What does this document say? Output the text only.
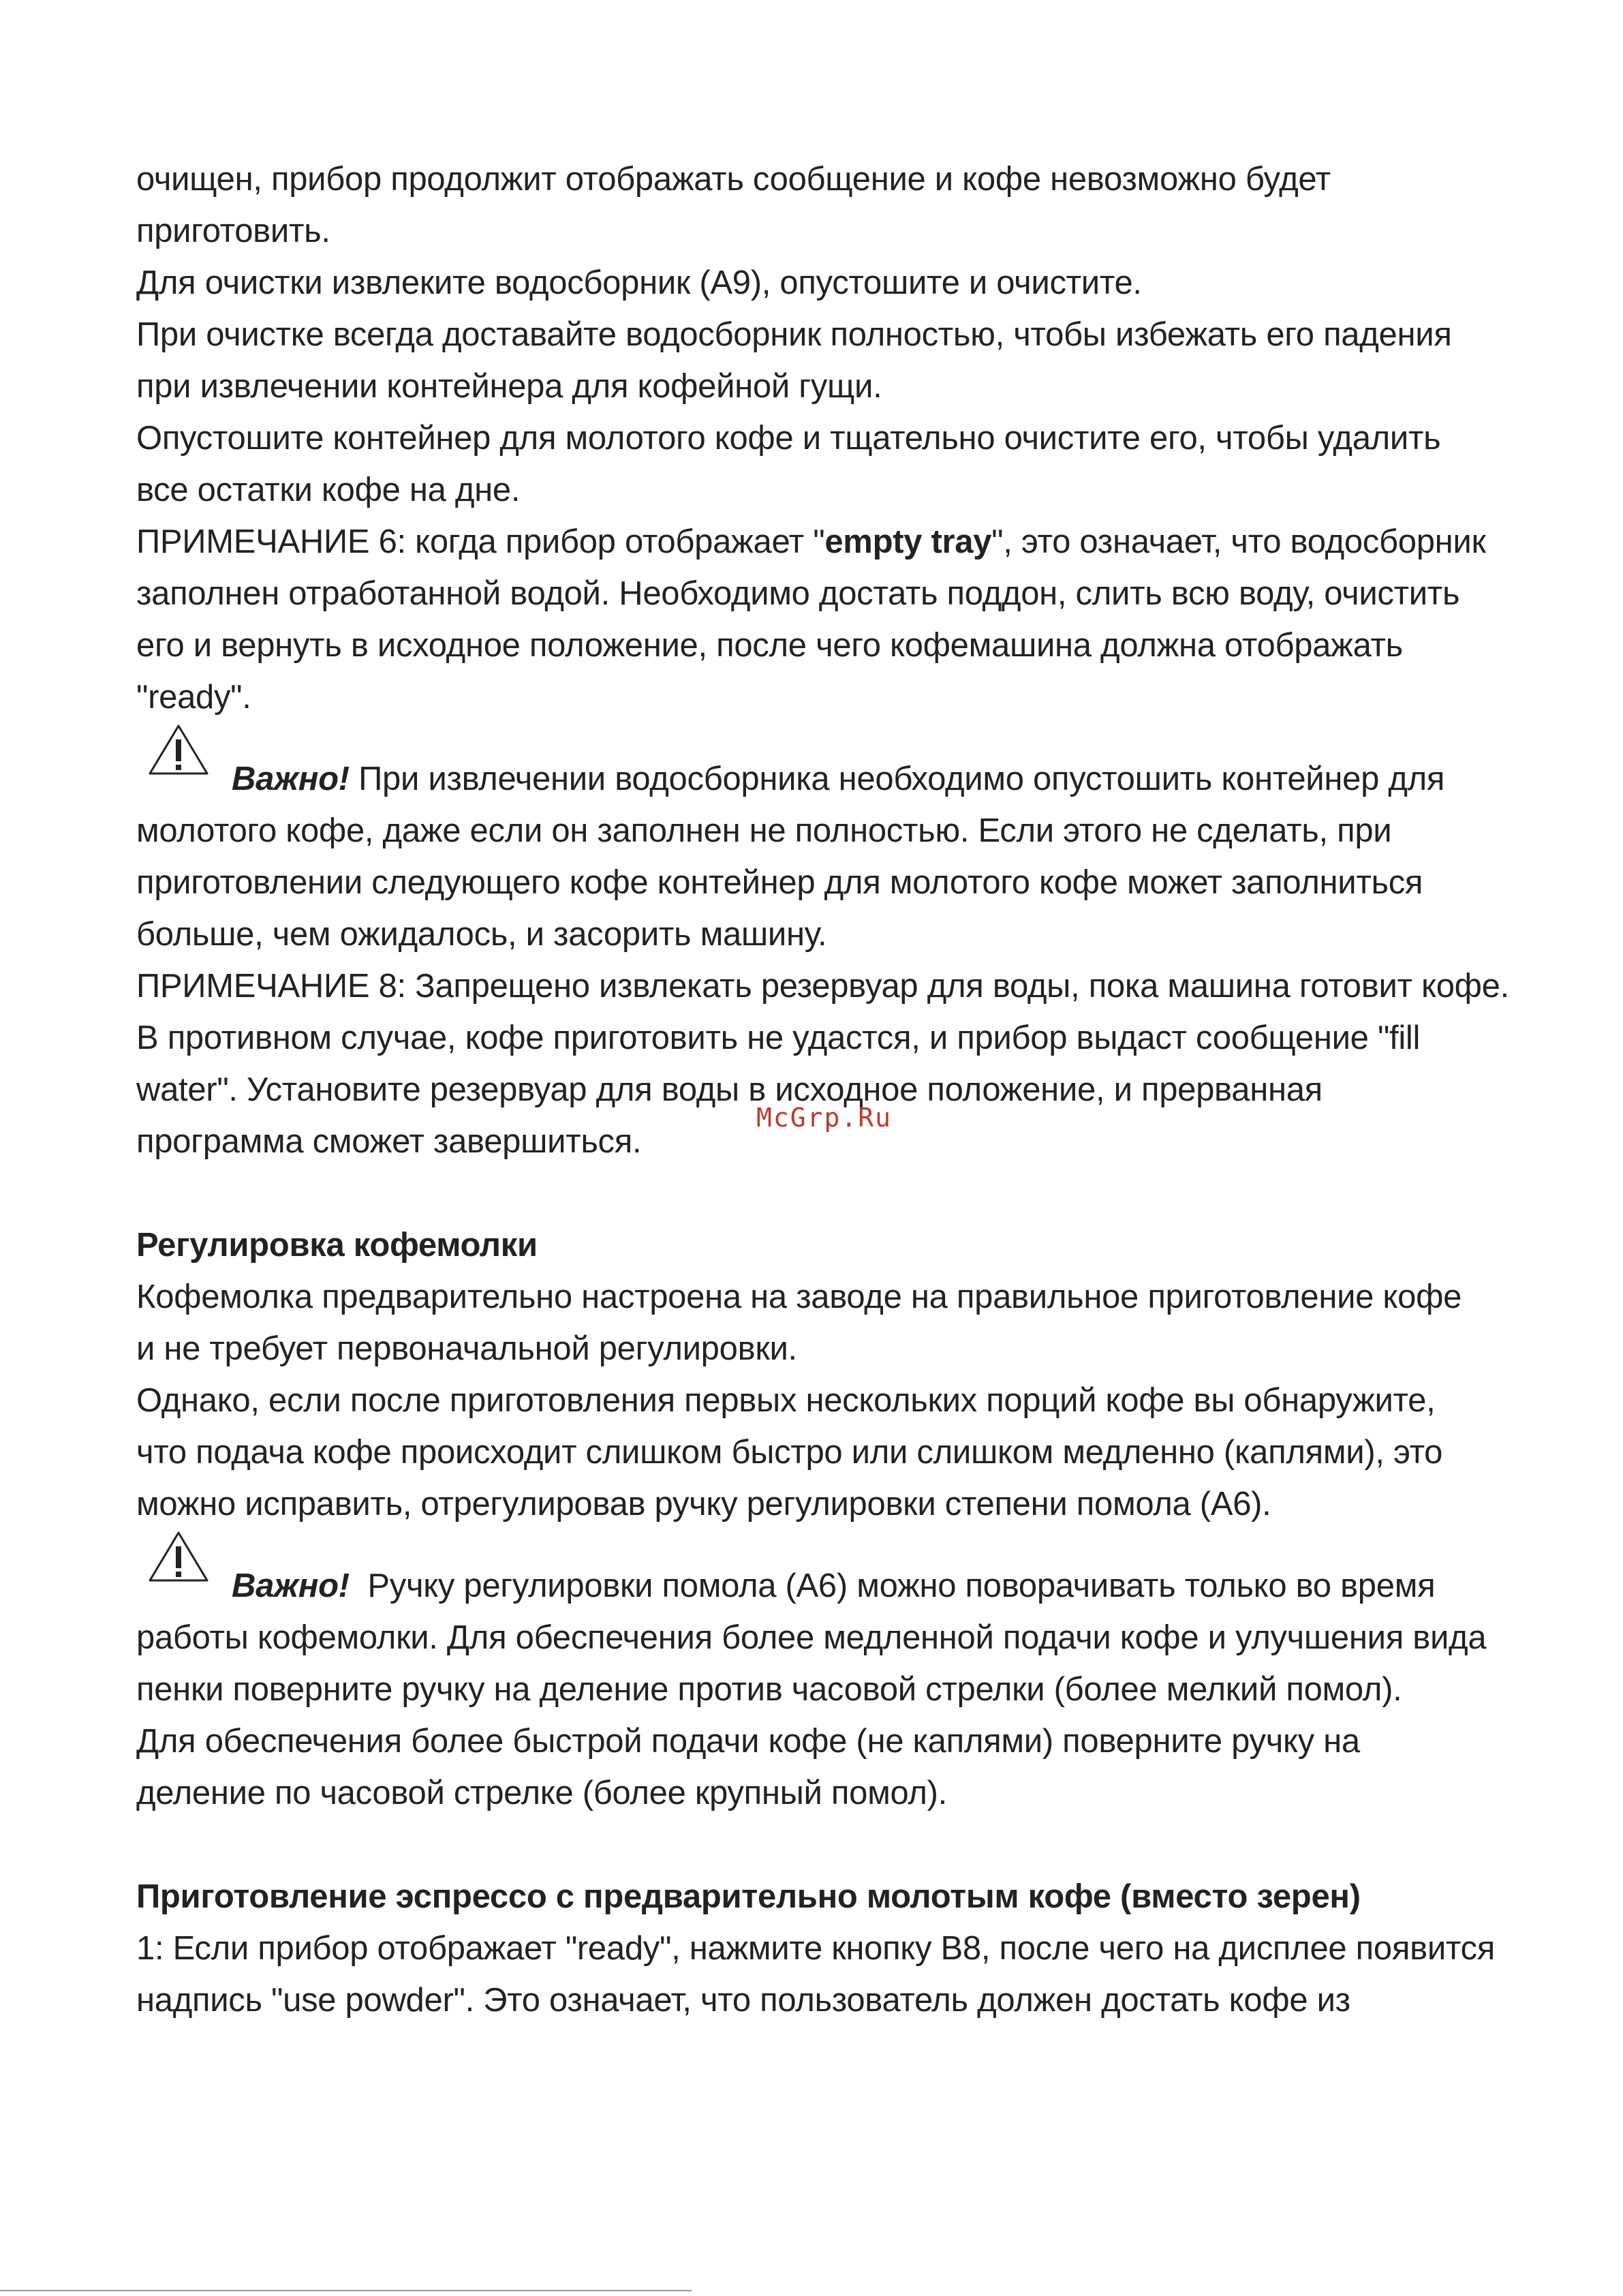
очищен, прибор продолжит отображать сообщение и кофе невозможно будет
приготовить.
Для очистки извлеките водосборник (А9), опустошите и очистите.
При очистке всегда доставайте водосборник полностью, чтобы избежать его падения
при извлечении контейнера для кофейной гущи.
Опустошите контейнер для молотого кофе и тщательно очистите его, чтобы удалить
все остатки кофе на дне.
ПРИМЕЧАНИЕ 6: когда прибор отображает "empty tray", это означает, что водосборник
заполнен отработанной водой. Необходимо достать поддон, слить всю воду, очистить
его и вернуть в исходное положение, после чего кофемашина должна отображать
"ready".
Важно! При извлечении водосборника необходимо опустошить контейнер для
молотого кофе, даже если он заполнен не полностью. Если этого не сделать, при
приготовлении следующего кофе контейнер для молотого кофе может заполниться
больше, чем ожидалось, и засорить машину.
ПРИМЕЧАНИЕ 8: Запрещено извлекать резервуар для воды, пока машина готовит кофе.
В противном случае, кофе приготовить не удастся, и прибор выдаст сообщение "fill
water". Установите резервуар для воды в исходное положение, и прерванная
программа сможет завершиться.
Регулировка кофемолки
Кофемолка предварительно настроена на заводе на правильное приготовление кофе
и не требует первоначальной регулировки.
Однако, если после приготовления первых нескольких порций кофе вы обнаружите,
что подача кофе происходит слишком быстро или слишком медленно (каплями), это
можно исправить, отрегулировав ручку регулировки степени помола (А6).
Важно!  Ручку регулировки помола (А6) можно поворачивать только во время
работы кофемолки. Для обеспечения более медленной подачи кофе и улучшения вида
пенки поверните ручку на деление против часовой стрелки (более мелкий помол).
Для обеспечения более быстрой подачи кофе (не каплями) поверните ручку на
деление по часовой стрелке (более крупный помол).
Приготовление эспрессо с предварительно молотым кофе (вместо зерен)
1: Если прибор отображает "ready", нажмите кнопку В8, после чего на дисплее появится
надпись "use powder". Это означает, что пользователь должен достать кофе из
McGrp.Ru
